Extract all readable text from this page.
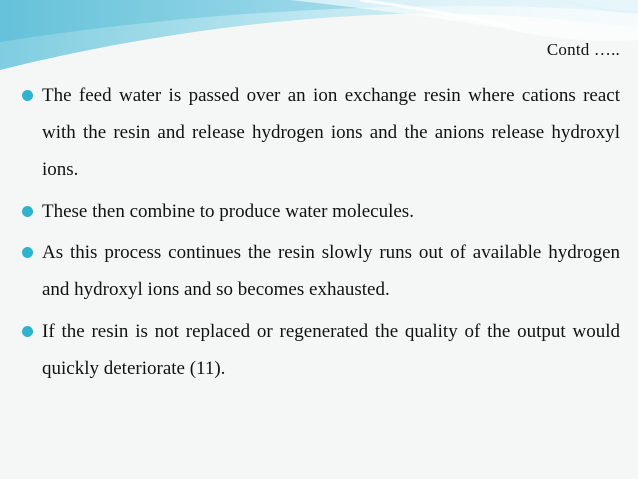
Contd …..
The feed water is passed over an ion exchange resin where cations react with the resin and release hydrogen ions and the anions release hydroxyl ions.
These then combine to produce water molecules.
As this process continues the resin slowly runs out of available hydrogen and hydroxyl ions and so becomes exhausted.
If the resin is not replaced or regenerated the quality of the output would quickly deteriorate (11).
